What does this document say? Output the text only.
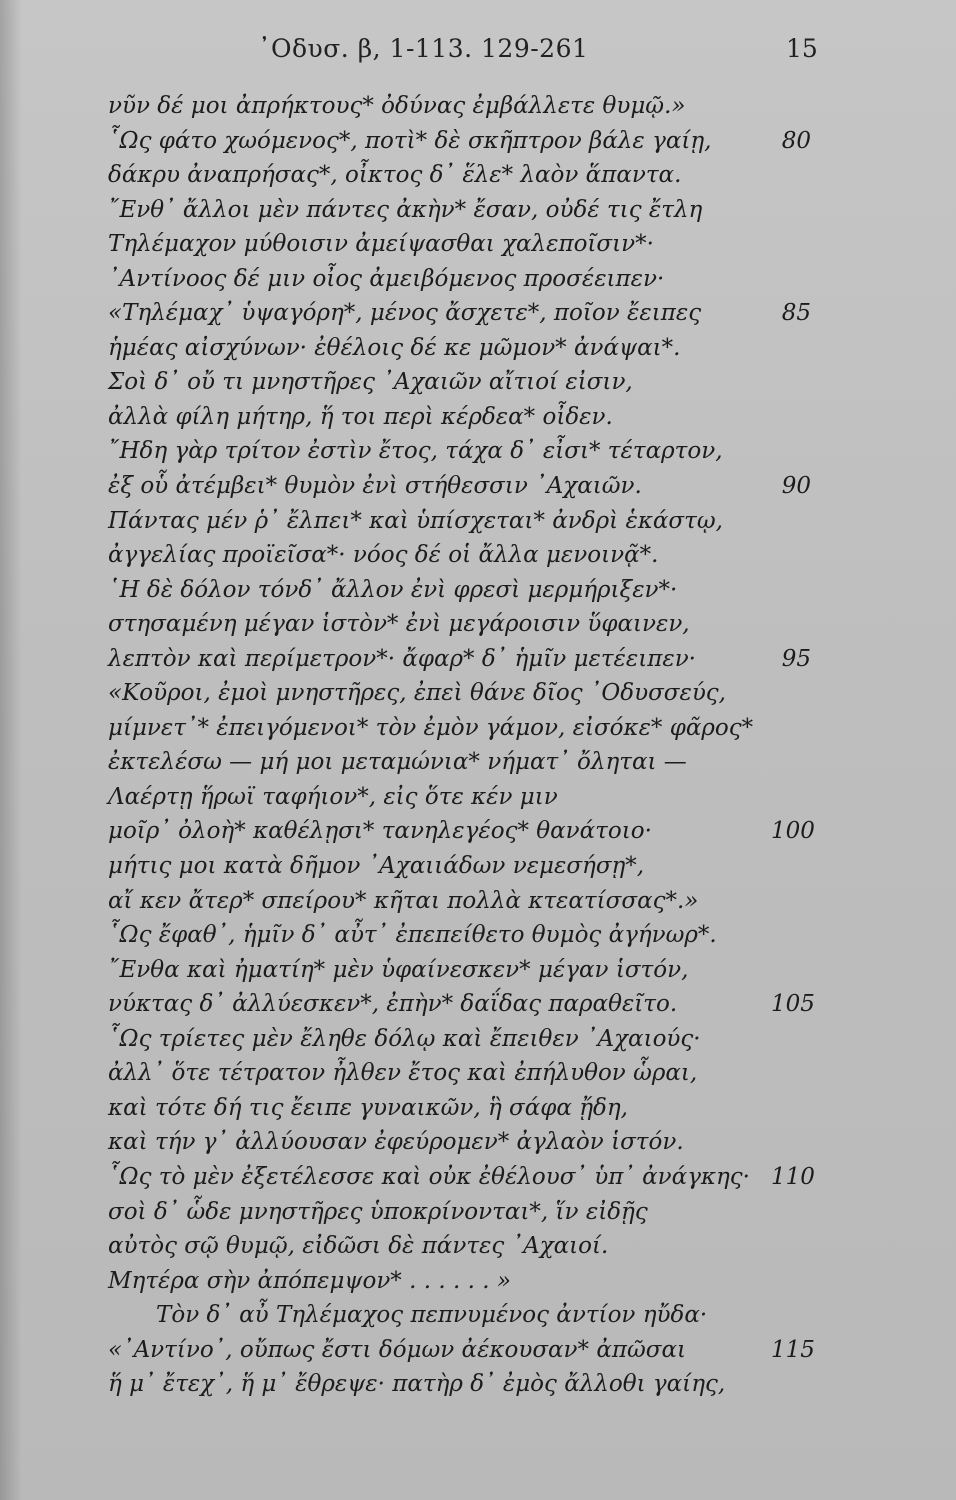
᾿Οδυσ. β, 1-113. 129-261	15
νῦν δέ μοι ἀπρήκτους* ὀδύνας ἐμβάλλετε θυμῷ.»
῟Ως φάτο χωόμενος*, ποτὶ* δὲ σκῆπτρον βάλε γαίῃ,	80
δάκρυ ἀναπρήσας*, οἶκτος δ᾿ ἕλε* λαὸν ἅπαντα.
῎Ενθ᾿ ἄλλοι μὲν πάντες ἀκὴν* ἔσαν, οὐδέ τις ἔτλη
Τηλέμαχον μύθοισιν ἀμείψασθαι χαλεποῖσιν*·
᾿Αντίνοος δέ μιν οἶος ἀμειβόμενος προσέειπεν·
«Τηλέμαχ᾿ ὑψαγόρη*, μένος ἄσχετε*, ποῖον ἔειπες	85
ἡμέας αἰσχύνων· ἐθέλοις δέ κε μῶμον* ἀνάψαι*.
Σοὶ δ᾿ οὔ τι μνηστῆρες ᾿Αχαιῶν αἴτιοί εἰσιν,
ἀλλὰ φίλη μήτηρ, ἥ τοι περὶ κέρδεα* οἶδεν.
῎Ηδη γὰρ τρίτον ἐστὶν ἔτος, τάχα δ᾿ εἶσι* τέταρτον,
ἐξ οὗ ἀτέμβει* θυμὸν ἐνὶ στήθεσσιν ᾿Αχαιῶν.	90
Πάντας μέν ῥ᾿ ἔλπει* καὶ ὑπίσχεται* ἀνδρὶ ἑκάστῳ,
ἀγγελίας προϊεῖσα*· νόος δέ οἱ ἄλλα μενοινᾷ*.
῾Η δὲ δόλον τόνδ᾿ ἄλλον ἐνὶ φρεσὶ μερμήριξεν*·
στησαμένη μέγαν ἱστὸν* ἐνὶ μεγάροισιν ὕφαινεν,
λεπτὸν καὶ περίμετρον*· ἄφαρ* δ᾿ ἡμῖν μετέειπεν·	95
«Κοῦροι, ἐμοὶ μνηστῆρες, ἐπεὶ θάνε δῖος ᾿Οδυσσεύς,
μίμνετ᾿* ἐπειγόμενοι* τὸν ἐμὸν γάμον, εἰσόκε* φᾶρος*
ἐκτελέσω — μή μοι μεταμώνια* νήματ᾿ ὄληται —
Λαέρτῃ ἥρωϊ ταφήιον*, εἰς ὅτε κέν μιν
μοῖρ᾿ ὀλοὴ* καθέλῃσι* τανηλεγέος* θανάτοιο·	100
μήτις μοι κατὰ δῆμον ᾿Αχαιιάδων νεμεσήσῃ*,
αἴ κεν ἄτερ* σπείρου* κῆται πολλὰ κτεατίσσας*.»
῟Ως ἔφαθ᾿, ἡμῖν δ᾿ αὖτ᾿ ἐπεπείθετο θυμὸς ἀγήνωρ*.
῎Ενθα καὶ ἠματίη* μὲν ὑφαίνεσκεν* μέγαν ἱστόν,
νύκτας δ᾿ ἀλλύεσκεν*, ἐπὴν* δαΐδας παραθεῖτο.	105
῟Ως τρίετες μὲν ἔληθε δόλῳ καὶ ἔπειθεν ᾿Αχαιούς·
ἀλλ᾿ ὅτε τέτρατον ἦλθεν ἔτος καὶ ἐπήλυθον ὧραι,
καὶ τότε δή τις ἔειπε γυναικῶν, ἣ σάφα ᾔδη,
καὶ τήν γ᾿ ἀλλύουσαν ἐφεύρομεν* ἀγλαὸν ἱστόν.
῟Ως τὸ μὲν ἐξετέλεσσε καὶ οὐκ ἐθέλουσ᾿ ὑπ᾿ ἀνάγκης· 110
σοὶ δ᾿ ὧδε μνηστῆρες ὑποκρίνονται*, ἵν εἰδῇς
αὐτὸς σῷ θυμῷ, εἰδῶσι δὲ πάντες ᾿Αχαιοί.
Μητέρα σὴν ἀπόπεμψον* . . . . . . »
Τὸν δ᾿ αὖ Τηλέμαχος πεπνυμένος ἀντίον ηὔδα·
«᾿Αντίνο᾿, οὔπως ἔστι δόμων ἀέκουσαν* ἀπῶσαι	115
ἥ μ᾿ ἔτεχ᾿, ἥ μ᾿ ἔθρεψε· πατὴρ δ᾿ ἐμὸς ἄλλοθι γαίης,
